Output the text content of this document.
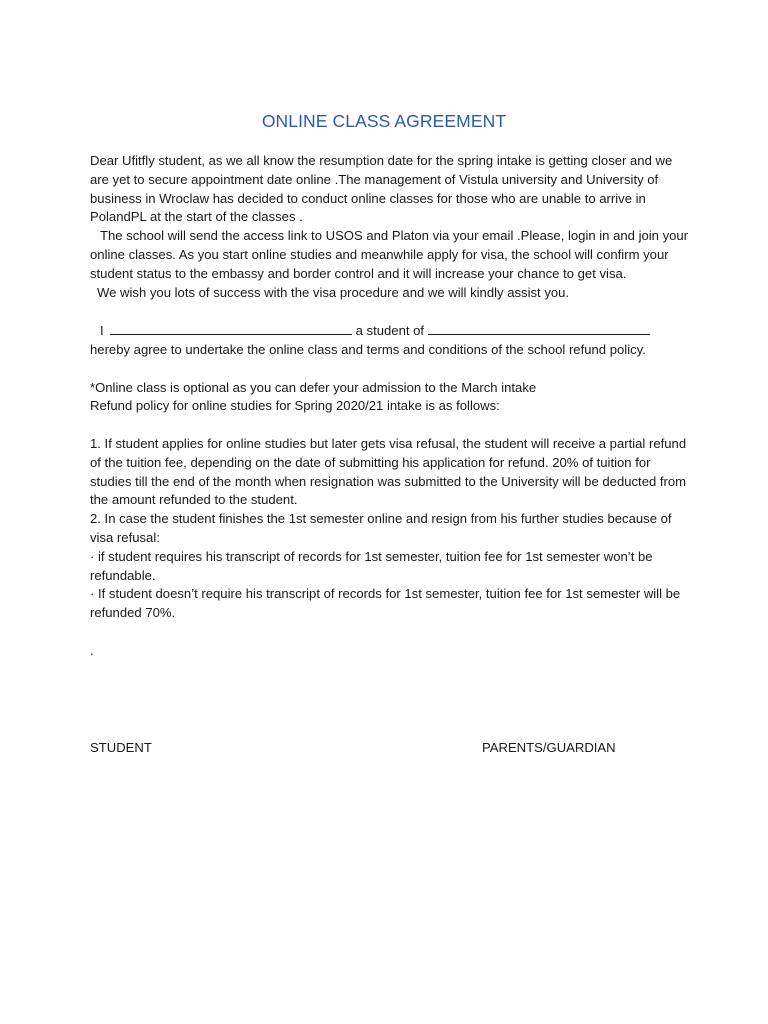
ONLINE CLASS AGREEMENT

Dear Ufitfly student, as we all know the resumption date for the spring intake is getting closer and we are yet to secure appointment date online .The management of Vistula university and University of business in Wroclaw has decided to conduct online classes for those who are unable to arrive in PolandPL at the start of the classes .

The school will send the access link to USOS and Platon via your email .Please, login in and join your online classes. As you start online studies and meanwhile apply for visa, the school will confirm your student status to the embassy and border control and it will increase your chance to get visa.

We wish you lots of success with the visa procedure and we will kindly assist you.

I	a student of hereby agree to undertake the online class and terms and conditions of the school refund policy.

*Online class is optional as you can defer your admission to the March intake

Refund policy for online studies for Spring 2020/21 intake is as follows:

1. If student applies for online studies but later gets visa refusal, the student will receive a partial refund of the tuition fee, depending on the date of submitting his application for refund. 20% of tuition for studies till the end of the month when resignation was submitted to the University will be deducted from the amount refunded to the student.

2. In case the student finishes the 1st semester online and resign from his further studies because of visa refusal:

· if student requires his transcript of records for 1st semester, tuition fee for 1st semester won’t be refundable.

· If student doesn’t require his transcript of records for 1st semester, tuition fee for 1st semester will be refunded 70%.

.

STUDENT	PARENTS/GUARDIAN
